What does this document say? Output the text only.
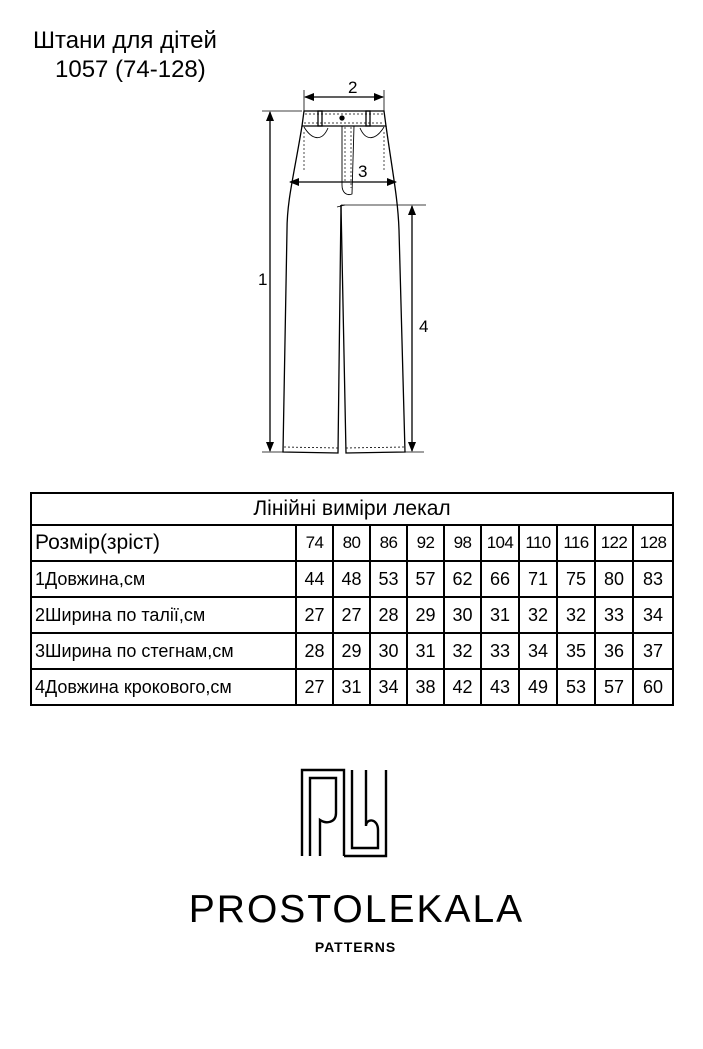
Штани для дітей
1057 (74-128)
1
2
3
4
Лінійні виміри лекал										
Розмір(зріст)	74	80	86	92	98	104	110	116	122	128
1Довжина,см	44	48	53	57	62	66	71	75	80	83
2Ширина по талії,см	27	27	28	29	30	31	32	32	33	34
3Ширина по стегнам,см	28	29	30	31	32	33	34	35	36	37
4Довжина крокового,см	27	31	34	38	42	43	49	53	57	60
PROSTOLEKALA
PATTERNS
